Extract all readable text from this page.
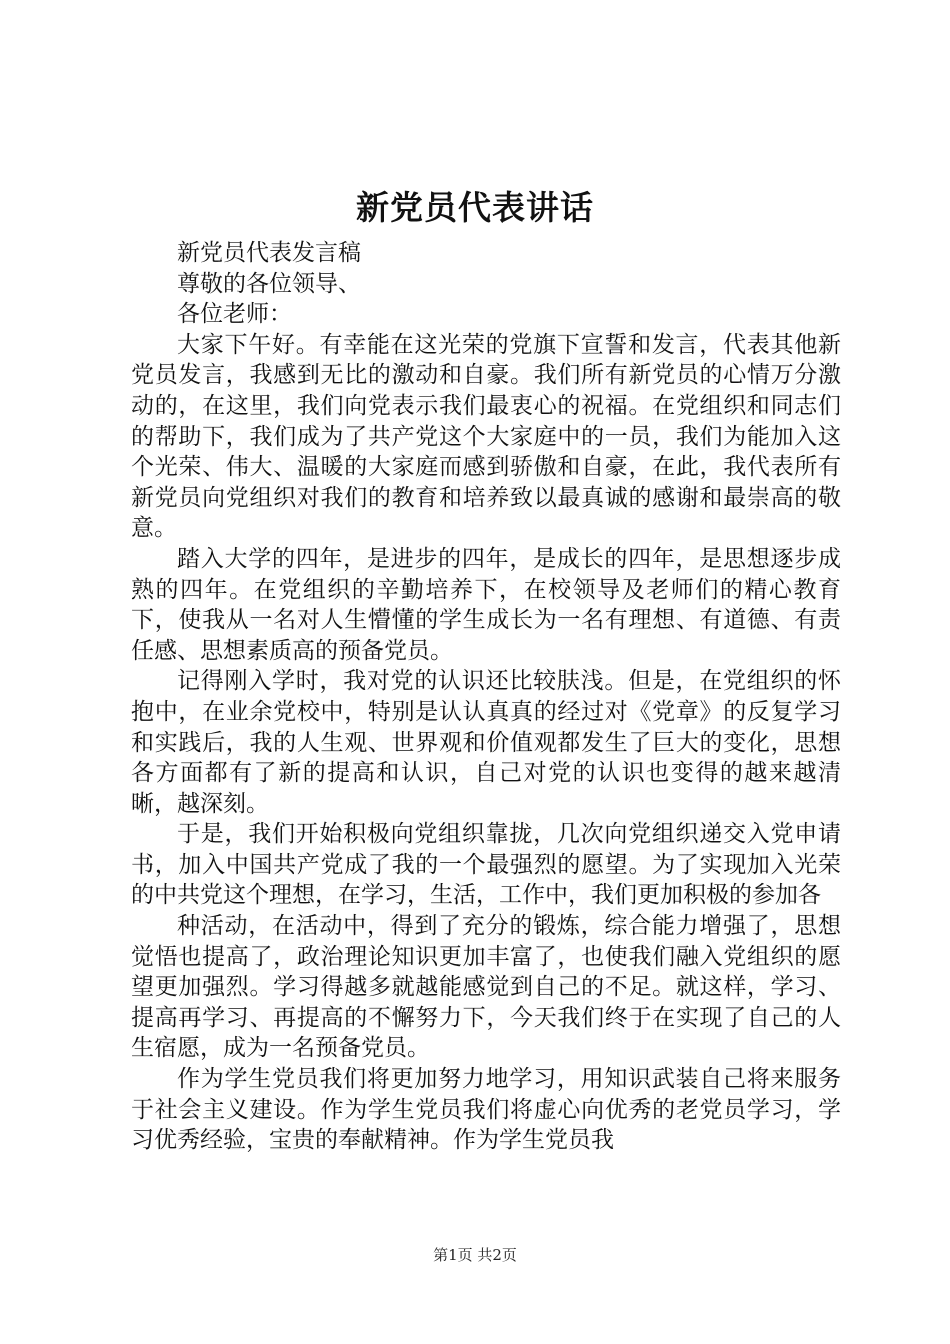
新党员代表讲话

新党员代表发言稿

尊敬的各位领导、

各位老师：

大家下午好。有幸能在这光荣的党旗下宣誓和发言，代表其他新党员发言，我感到无比的激动和自豪。我们所有新党员的心情万分激动的，在这里，我们向党表示我们最衷心的祝福。在党组织和同志们的帮助下，我们成为了共产党这个大家庭中的一员，我们为能加入这个光荣、伟大、温暖的大家庭而感到骄傲和自豪，在此，我代表所有新党员向党组织对我们的教育和培养致以最真诚的感谢和最崇高的敬意。

踏入大学的四年，是进步的四年，是成长的四年，是思想逐步成熟的四年。在党组织的辛勤培养下，在校领导及老师们的精心教育下，使我从一名对人生懵懂的学生成长为一名有理想、有道德、有责任感、思想素质高的预备党员。

记得刚入学时，我对党的认识还比较肤浅。但是，在党组织的怀抱中，在业余党校中，特别是认认真真的经过对《党章》的反复学习和实践后，我的人生观、世界观和价值观都发生了巨大的变化，思想各方面都有了新的提高和认识，自己对党的认识也变得的越来越清晰，越深刻。

于是，我们开始积极向党组织靠拢，几次向党组织递交入党申请书，加入中国共产党成了我的一个最强烈的愿望。为了实现加入光荣的中共党这个理想，在学习，生活，工作中，我们更加积极的参加各

种活动，在活动中，得到了充分的锻炼，综合能力增强了，思想觉悟也提高了，政治理论知识更加丰富了，也使我们融入党组织的愿望更加强烈。学习得越多就越能感觉到自己的不足。就这样，学习、提高再学习、再提高的不懈努力下，今天我们终于在实现了自己的人生宿愿，成为一名预备党员。

作为学生党员我们将更加努力地学习，用知识武装自己将来服务于社会主义建设。作为学生党员我们将虚心向优秀的老党员学习，学习优秀经验，宝贵的奉献精神。作为学生党员我

第1页 共2页
